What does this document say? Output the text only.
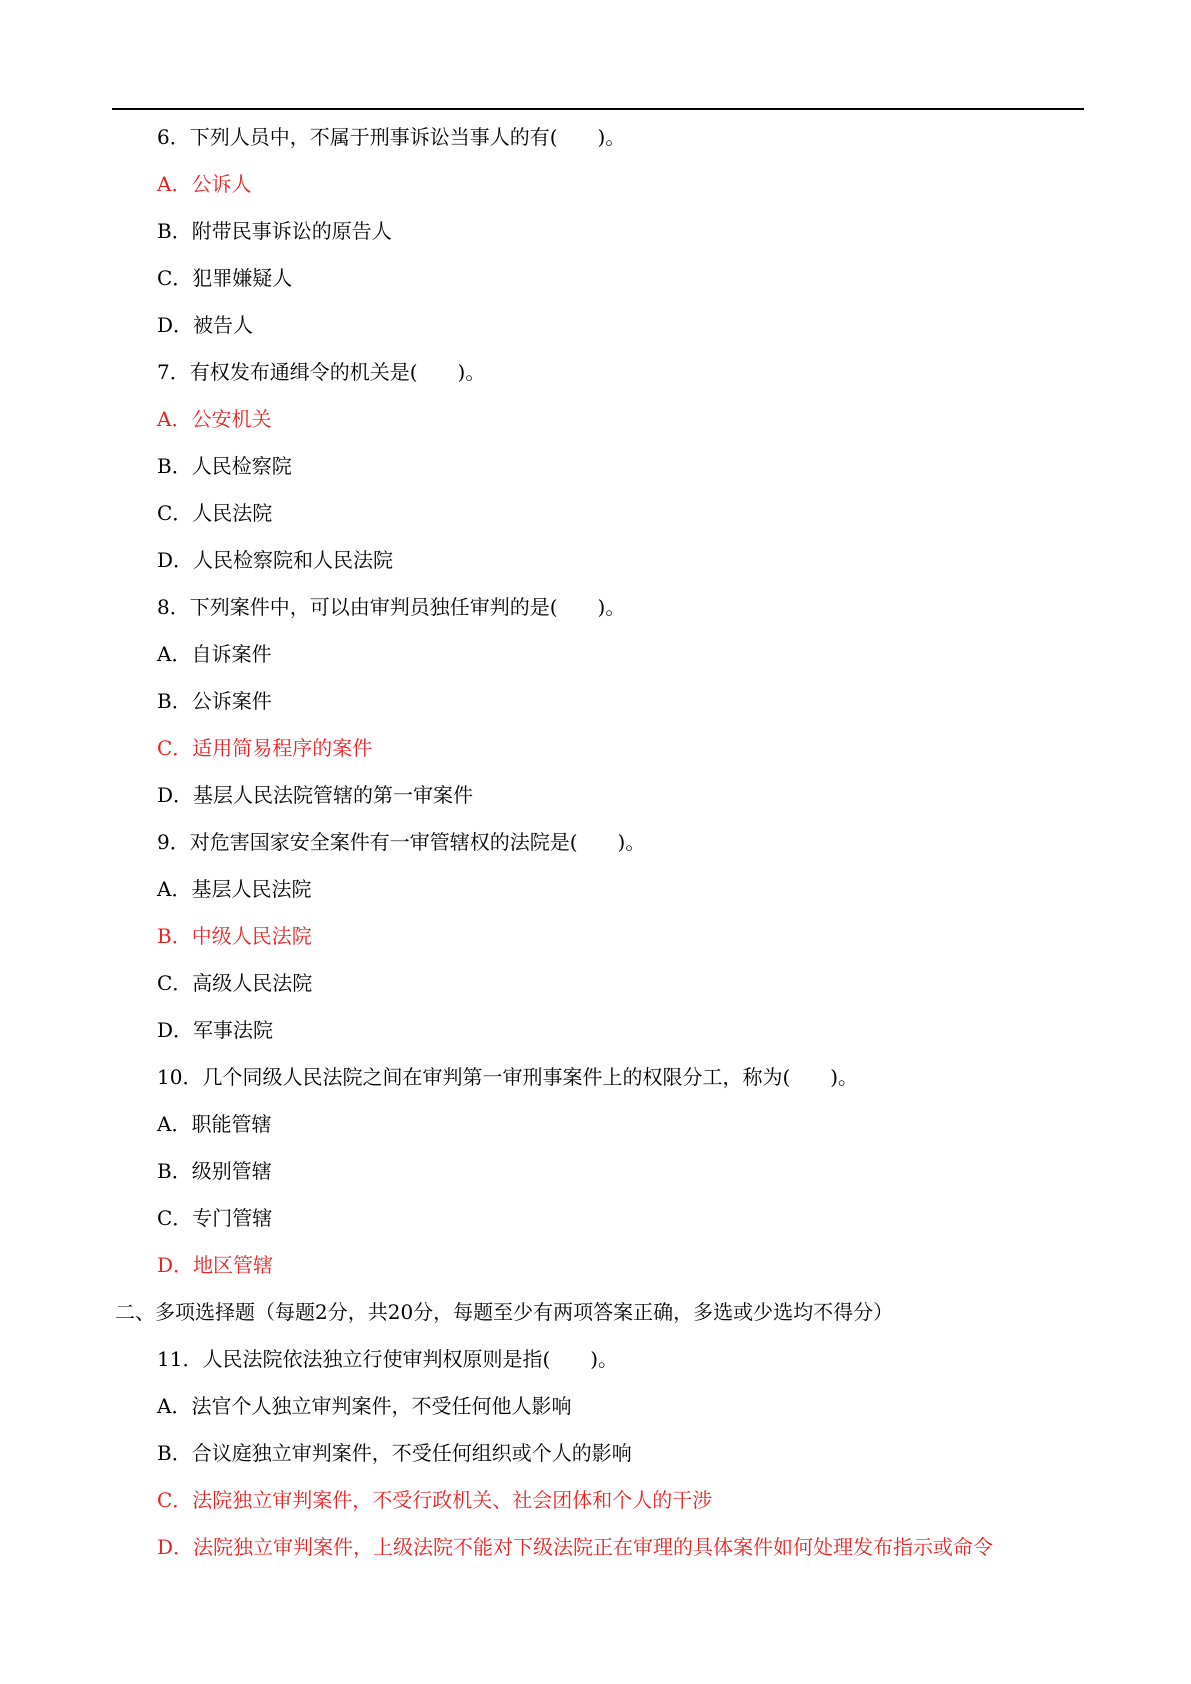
6．下列人员中，不属于刑事诉讼当事人的有(　　)。
A．公诉人
B．附带民事诉讼的原告人
C．犯罪嫌疑人
D．被告人
7．有权发布通缉令的机关是(　　)。
A．公安机关
B．人民检察院
C．人民法院
D．人民检察院和人民法院
8．下列案件中，可以由审判员独任审判的是(　　)。
A．自诉案件
B．公诉案件
C．适用简易程序的案件
D．基层人民法院管辖的第一审案件
9．对危害国家安全案件有一审管辖权的法院是(　　)。
A．基层人民法院
B．中级人民法院
C．高级人民法院
D．军事法院
10．几个同级人民法院之间在审判第一审刑事案件上的权限分工，称为(　　)。
A．职能管辖
B．级别管辖
C．专门管辖
D．地区管辖
二、多项选择题（每题2分，共20分，每题至少有两项答案正确，多选或少选均不得分）
11．人民法院依法独立行使审判权原则是指(　　)。
A．法官个人独立审判案件，不受任何他人影响
B．合议庭独立审判案件，不受任何组织或个人的影响
C．法院独立审判案件，不受行政机关、社会团体和个人的干涉
D．法院独立审判案件，上级法院不能对下级法院正在审理的具体案件如何处理发布指示或命令
